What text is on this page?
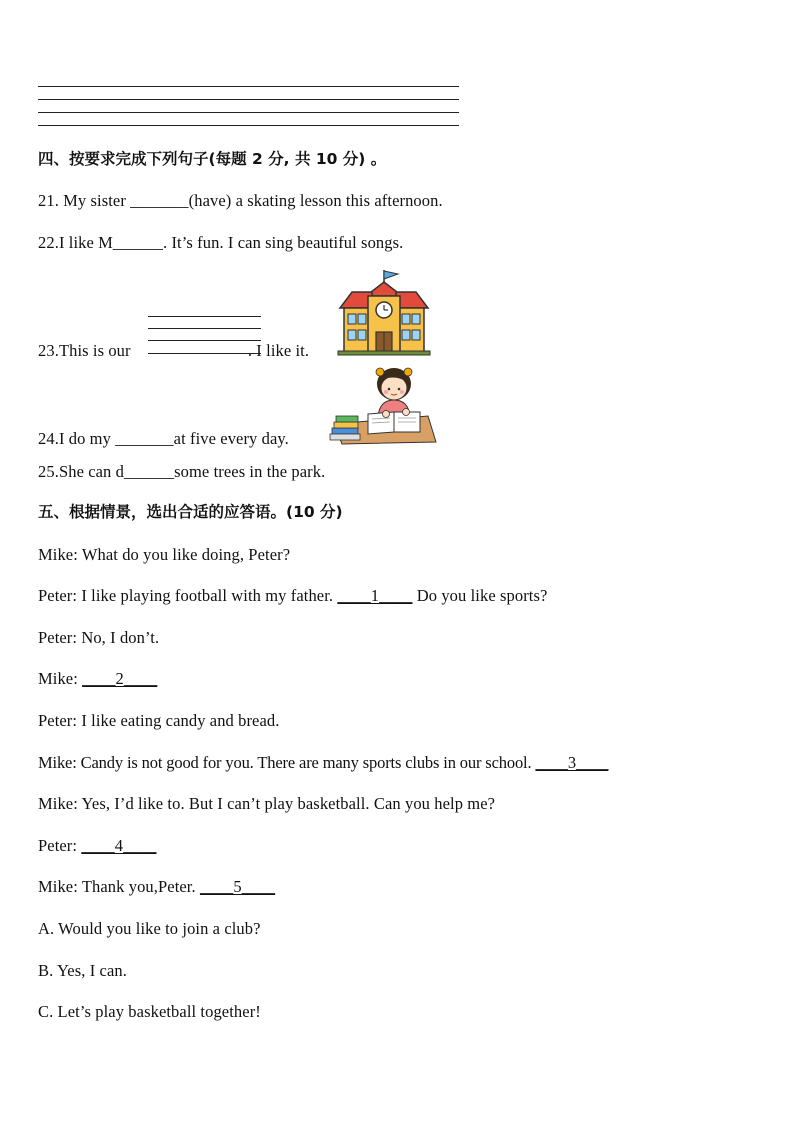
四、按要求完成下列句子(每题 2 分, 共 10 分) 。
21. My sister _______(have) a skating lesson this afternoon.
22.I like M______. It’s fun. I can sing beautiful songs.
23.This is our	. I like it.
24.I do my _______at five every day.
25.She can d______some trees in the park.
五、根据情景，选出合适的应答语。(10 分)
Mike: What do you like doing, Peter?
Peter: I like playing football with my father. ____1____ Do you like sports?
Peter: No, I don’t.
Mike: ____2____
Peter: I like eating candy and bread.
Mike: Candy is not good for you. There are many sports clubs in our school. ____3____
Mike: Yes, I’d like to. But I can’t play basketball. Can you help me?
Peter: ____4____
Mike: Thank you,Peter. ____5____
A. Would you like to join a club?
B. Yes, I can.
C. Let’s play basketball together!
